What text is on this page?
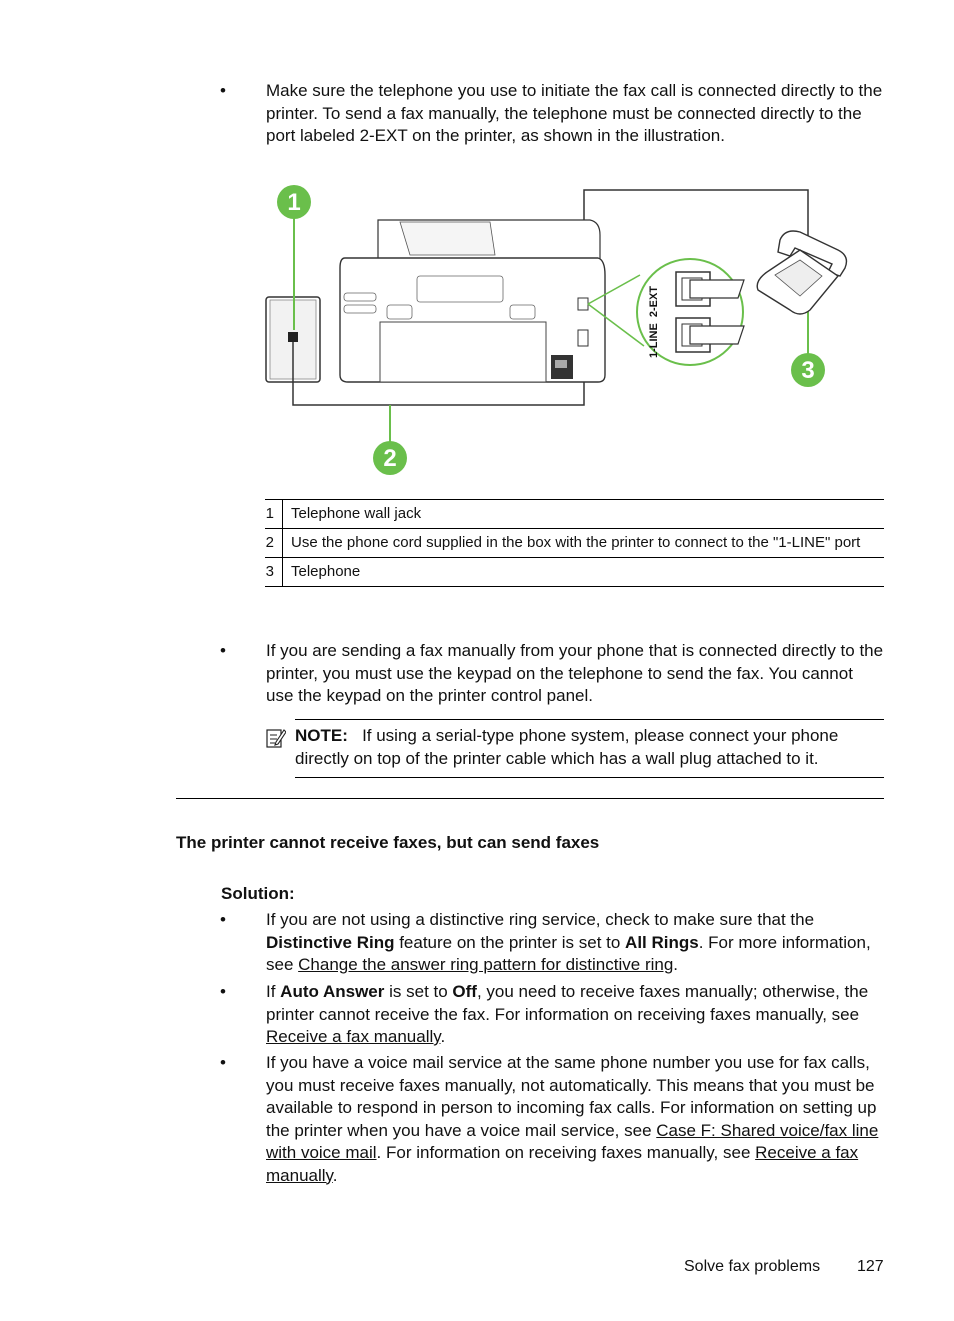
• Make sure the telephone you use to initiate the fax call is connected directly to the printer. To send a fax manually, the telephone must be connected directly to the port labeled 2-EXT on the printer, as shown in the illustration.
1-LINE2-EXT
1
2
3
1	Telephone wall jack
2	Use the phone cord supplied in the box with the printer to connect to the "1-LINE" port
3	Telephone
• If you are sending a fax manually from your phone that is connected directly to the printer, you must use the keypad on the telephone to send the fax. You cannot use the keypad on the printer control panel.
NOTE: If using a serial-type phone system, please connect your phone directly on top of the printer cable which has a wall plug attached to it.
The printer cannot receive faxes, but can send faxes
Solution:
• If you are not using a distinctive ring service, check to make sure that the Distinctive Ring feature on the printer is set to All Rings. For more information, see Change the answer ring pattern for distinctive ring.
• If Auto Answer is set to Off, you need to receive faxes manually; otherwise, the printer cannot receive the fax. For information on receiving faxes manually, see Receive a fax manually.
• If you have a voice mail service at the same phone number you use for fax calls, you must receive faxes manually, not automatically. This means that you must be available to respond in person to incoming fax calls. For information on setting up the printer when you have a voice mail service, see Case F: Shared voice/fax line with voice mail. For information on receiving faxes manually, see Receive a fax manually.
Solve fax problems 127
